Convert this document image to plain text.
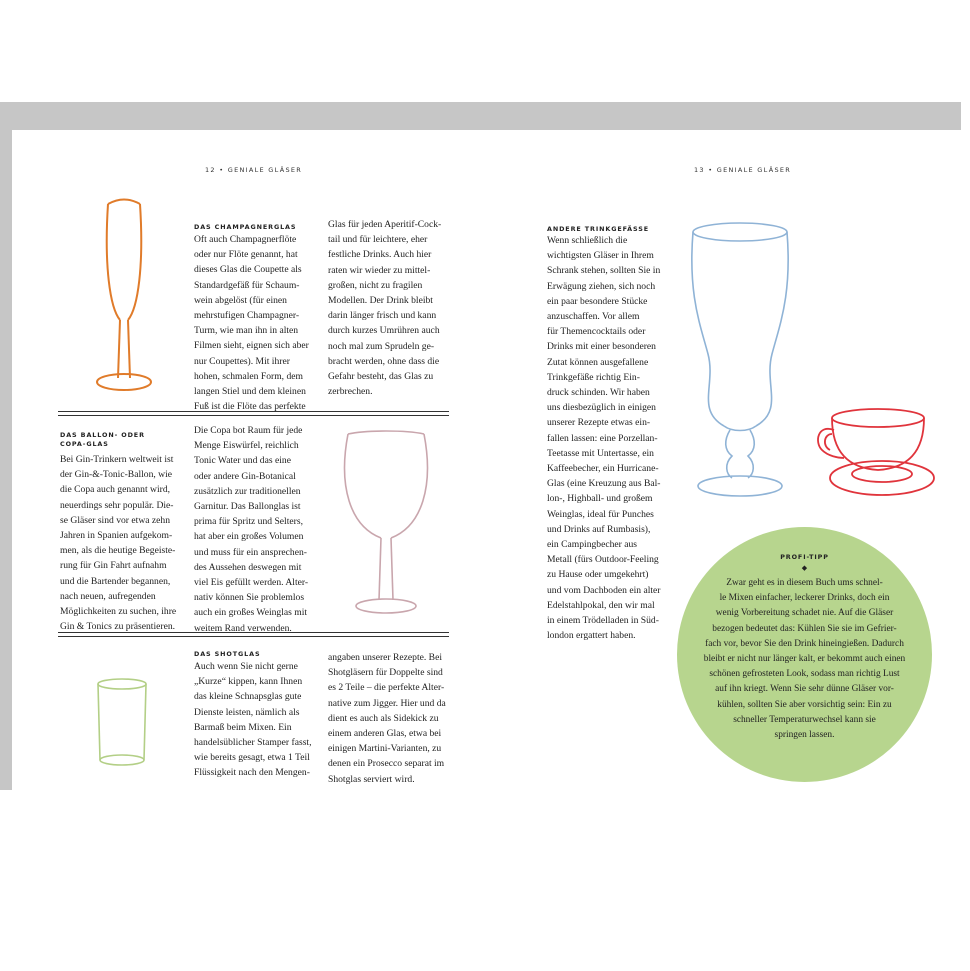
12 • GENIALE GLÄSER	13 • GENIALE GLÄSER
DAS CHAMPAGNERGLAS

Oft auch Champagnerflöte
oder nur Flöte genannt, hat
dieses Glas die Coupette als
Standardgefäß für Schaum-
wein abgelöst (für einen
mehrstufigen Champagner-
Turm, wie man ihn in alten
Filmen sieht, eignen sich aber
nur Coupettes). Mit ihrer
hohen, schmalen Form, dem
langen Stiel und dem kleinen
Fuß ist die Flöte das perfekte

Glas für jeden Aperitif-Cock-
tail und für leichtere, eher
festliche Drinks. Auch hier
raten wir wieder zu mittel-
großen, nicht zu fragilen
Modellen. Der Drink bleibt
darin länger frisch und kann
durch kurzes Umrühren auch
noch mal zum Sprudeln ge-
bracht werden, ohne dass die
Gefahr besteht, das Glas zu
zerbrechen.

DAS BALLON- ODER
COPA-GLAS

Bei Gin-Trinkern weltweit ist
der Gin-&-Tonic-Ballon, wie
die Copa auch genannt wird,
neuerdings sehr populär. Die-
se Gläser sind vor etwa zehn
Jahren in Spanien aufgekom-
men, als die heutige Begeiste-
rung für Gin Fahrt aufnahm
und die Bartender begannen,
nach neuen, aufregenden
Möglichkeiten zu suchen, ihre
Gin & Tonics zu präsentieren.

Die Copa bot Raum für jede
Menge Eiswürfel, reichlich
Tonic Water und das eine
oder andere Gin-Botanical
zusätzlich zur traditionellen
Garnitur. Das Ballonglas ist
prima für Spritz und Selters,
hat aber ein großes Volumen
und muss für ein ansprechen-
des Aussehen deswegen mit
viel Eis gefüllt werden. Alter-
nativ können Sie problemlos
auch ein großes Weinglas mit
weitem Rand verwenden.

DAS SHOTGLAS

Auch wenn Sie nicht gerne
„Kurze“ kippen, kann Ihnen
das kleine Schnapsglas gute
Dienste leisten, nämlich als
Barmaß beim Mixen. Ein
handelsüblicher Stamper fasst,
wie bereits gesagt, etwa 1 Teil
Flüssigkeit nach den Mengen-

angaben unserer Rezepte. Bei
Shotgläsern für Doppelte sind
es 2 Teile – die perfekte Alter-
native zum Jigger. Hier und da
dient es auch als Sidekick zu
einem anderen Glas, etwa bei
einigen Martini-Varianten, zu
denen ein Prosecco separat im
Shotglas serviert wird.

ANDERE TRINKGEFÄSSE

Wenn schließlich die
wichtigsten Gläser in Ihrem
Schrank stehen, sollten Sie in
Erwägung ziehen, sich noch
ein paar besondere Stücke
anzuschaffen. Vor allem
für Themencocktails oder
Drinks mit einer besonderen
Zutat können ausgefallene
Trinkgefäße richtig Ein-
druck schinden. Wir haben
uns diesbezüglich in einigen
unserer Rezepte etwas ein-
fallen lassen: eine Porzellan-
Teetasse mit Untertasse, ein
Kaffeebecher, ein Hurricane-
Glas (eine Kreuzung aus Bal-
lon-, Highball- und großem
Weinglas, ideal für Punches
und Drinks auf Rumbasis),
ein Campingbecher aus
Metall (fürs Outdoor-Feeling
zu Hause oder umgekehrt)
und vom Dachboden ein alter
Edelstahlpokal, den wir mal
in einem Trödelladen in Süd-
london ergattert haben.

PROFI-TIPP
◆

Zwar geht es in diesem Buch ums schnel-
le Mixen einfacher, leckerer Drinks, doch ein
wenig Vorbereitung schadet nie. Auf die Gläser
bezogen bedeutet das: Kühlen Sie sie im Gefrier-
fach vor, bevor Sie den Drink hineingießen. Dadurch
bleibt er nicht nur länger kalt, er bekommt auch einen
schönen gefrosteten Look, sodass man richtig Lust
auf ihn kriegt. Wenn Sie sehr dünne Gläser vor-
kühlen, sollten Sie aber vorsichtig sein: Ein zu
schneller Temperaturwechsel kann sie
springen lassen.
